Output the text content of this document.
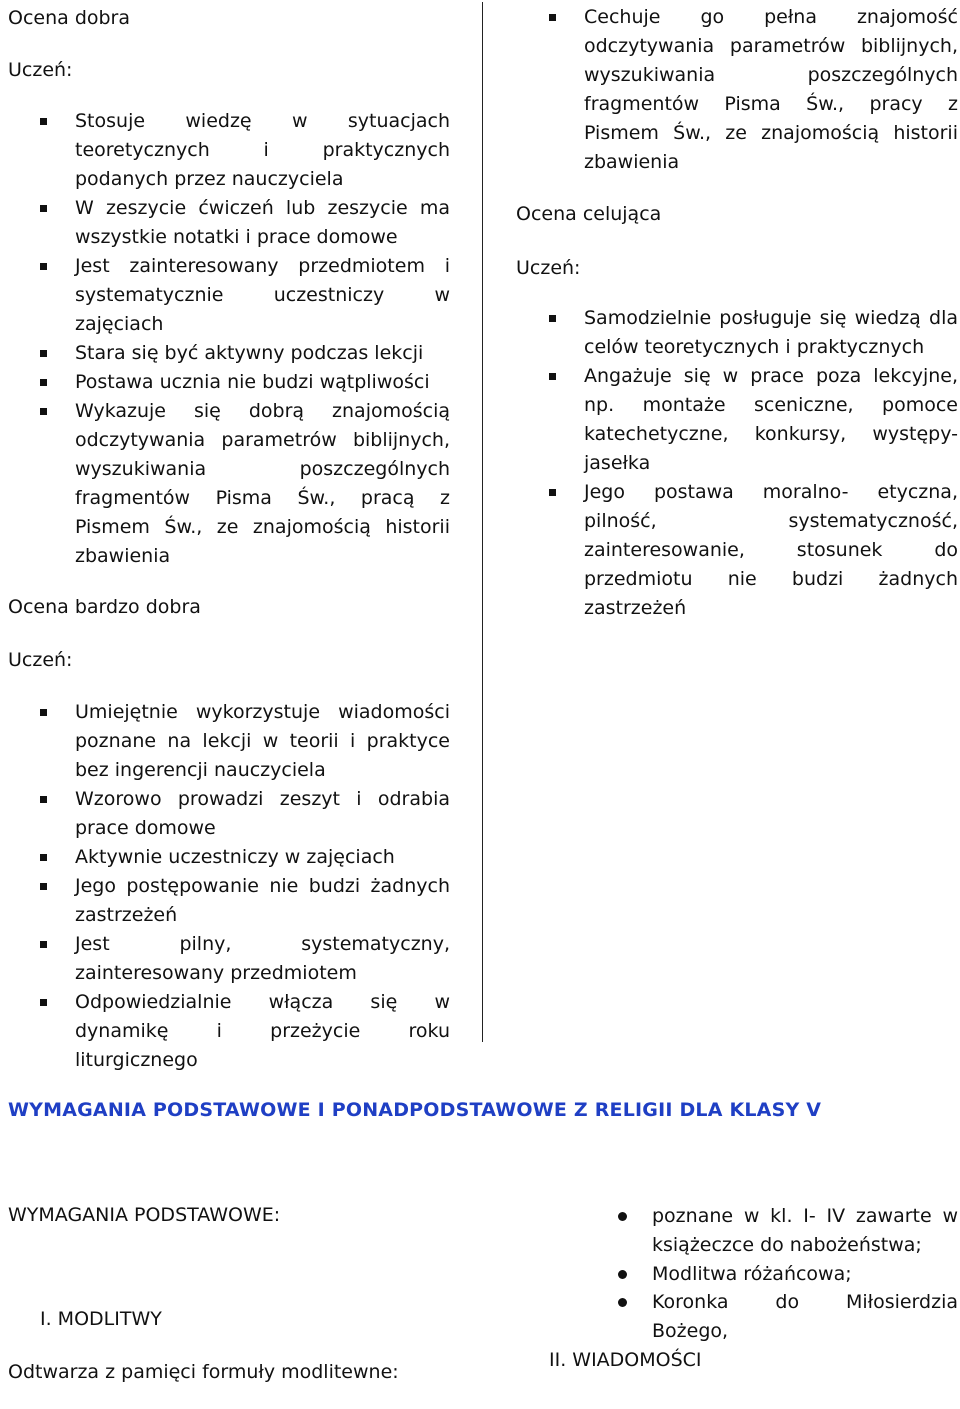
Ocena dobra
Uczeń:
Stosuje wiedzę w sytuacjach teoretycznych i praktycznych podanych przez nauczyciela
W zeszycie ćwiczeń lub zeszycie ma wszystkie notatki i prace domowe
Jest zainteresowany przedmiotem i systematycznie uczestniczy w zajęciach
Stara się być aktywny podczas lekcji
Postawa ucznia nie budzi wątpliwości
Wykazuje się dobrą znajomością odczytywania parametrów biblijnych, wyszukiwania poszczególnych fragmentów Pisma Św., pracą z Pismem Św., ze znajomością historii zbawienia
Ocena bardzo dobra
Uczeń:
Umiejętnie wykorzystuje wiadomości poznane na lekcji w teorii i praktyce bez ingerencji nauczyciela
Wzorowo prowadzi zeszyt i odrabia prace domowe
Aktywnie uczestniczy w zajęciach
Jego postępowanie nie budzi żadnych zastrzeżeń
Jest pilny, systematyczny, zainteresowany przedmiotem
Odpowiedzialnie włącza się w dynamikę i przeżycie roku liturgicznego
Cechuje go pełna znajomość odczytywania parametrów biblijnych, wyszukiwania poszczególnych fragmentów Pisma Św., pracy z Pismem Św., ze znajomością historii zbawienia
Ocena celująca
Uczeń:
Samodzielnie posługuje się wiedzą dla celów teoretycznych i praktycznych
Angażuje się w prace poza lekcyjne, np. montaże sceniczne, pomoce katechetyczne, konkursy, występy- jasełka
Jego postawa moralno- etyczna, pilność, systematyczność, zainteresowanie, stosunek do przedmiotu nie budzi żadnych zastrzeżeń
WYMAGANIA PODSTAWOWE I PONADPODSTAWOWE Z RELIGII DLA KLASY V
WYMAGANIA PODSTAWOWE:
I. MODLITWY
Odtwarza z pamięci formuły modlitewne:
poznane w kl. I- IV zawarte w książeczce do nabożeństwa;
Modlitwa różańcowa;
Koronka do Miłosierdzia Bożego,
II. WIADOMOŚCI
